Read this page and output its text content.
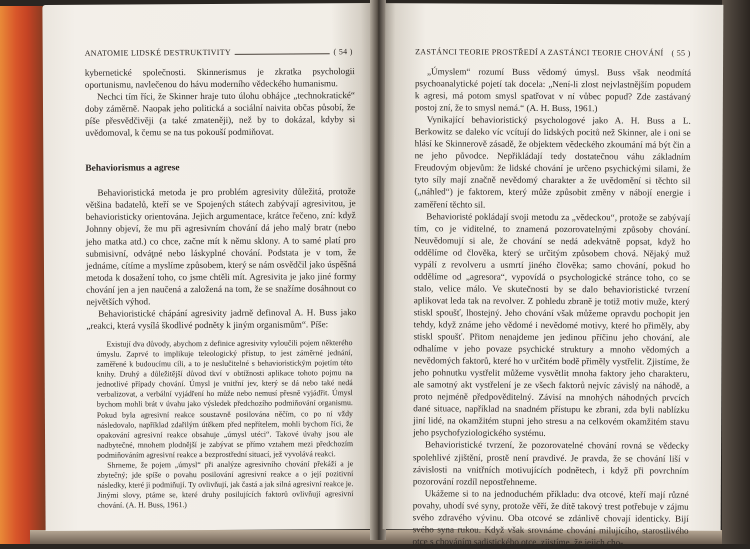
ANATOMIE LIDSKÉ DESTRUKTIVITY	( 54 )

kybernetické společnosti. Skinnerismus je zkratka psychologii oportunismu, navlečenou do hávu moderního vědeckého humanismu.

Nechci tím říci, že Skinner hraje tuto úlohu obhájce „technokratické“ doby záměrně. Naopak jeho politická a sociální naivita občas působí, že píše přesvědčivěji (a také zmateněji), než by to dokázal, kdyby si uvědomoval, k čemu se na tus pokouší podmiňovat.

Behaviorismus a agrese

Behavioristická metoda je pro problém agresivity důležitá, protože většina badatelů, kteří se ve Spojených státech zabývají agresivitou, je behavioristicky orientována. Jejich argumentace, krátce řečeno, zní: když Johnny objeví, že mu při agresivním chování dá jeho malý bratr (nebo jeho matka atd.) co chce, začne mít k němu sklony. A to samé platí pro submisivní, odváţné nebo láskyplné chování. Podstata je v tom, že jednáme, cítíme a myslíme způsobem, který se nám osvědčil jako úspěšná metoda k dosažení toho, co jsme chtěli mít. Agresivita je jako jiné formy chování jen a jen naučená a založená na tom, že se snažíme dosáhnout co největších výhod.

Behavioristické chápání agresivity jadrně definoval A. H. Buss jako „reakci, která vysílá škodlivé podněty k jiným organismům“. Píše:

Existují dva důvody, abychom z definice agresivity vyloučili pojem některého úmyslu. Zaprvé to implikuje teleologický přístup, to jest záměrné jednání, zaměřené k budoucímu cíli, a to je neslučitelné s behavioristickým pojetím této knihy. Druhý a důležitější důvod tkví v obtížnosti aplikace tohoto pojmu na jednotlivé případy chování. Úmysl je vnitřní jev, který se dá nebo také nedá verbalizovat, a verbální vyjádření ho může nebo nemusí přesně vyjádřit. Úmysl bychom mohli brát v úvahu jako výsledek předchozího podmiňování organismu. Pokud byla agresivní reakce soustavně posilována něčím, co po ní vždy následovalo, například zdařilým útěkem před nepřítelem, mohli bychom říci, že opakování agresivní reakce obsahuje „úmysl utéci“. Takové úvahy jsou ale nadbytečné, mnohem plodnější je zabývat se přímo vztahem mezi předchozím podmiňováním agresivní reakce a bezprostřední situací, jež vyvolává reakci.

Shrneme, že pojem „úmysl“ při analýze agresivního chování překáží a je zbytečný; jde spíše o povahu posilování agresivní reakce a o její pozitivní následky, které ji podmiňují. Ty ovlivňují, jak častá a jak silná agresivní reakce je. Jinými slovy, ptáme se, které druhy posilujících faktorů ovlivňují agresivní chování. (A. H. Buss, 1961.)

ZASTÁNCI TEORIE PROSTŘEDÍ A ZASTÁNCI TEORIE CHOVÁNÍ ( 55 )

„Úmyslem“ rozumí Buss vědomý úmysl. Buss však neodmítá psychoanalytické pojetí tak docela: „Není-li zlost nejvlastnějším popudem k agresi, má potom smysl spatřovat v ní vůbec popud? Zde zastávaný postoj zní, že to smysl nemá.“ (A. H. Buss, 1961.)

Vynikající behavioristický psychologové jako A. H. Buss a L. Berkowitz se daleko víc vcítují do lidských pocitů než Skinner, ale i oni se hlásí ke Skinnerově zásadě, že objektem vědeckého zkoumání má být čin a ne jeho původce. Nepřikládají tedy dostatečnou váhu základním Freudovým objevům: že lidské chování je určeno psychickými silami, že tyto síly mají značně nevědomý charakter a že uvědomění si těchto sil („náhled“) je faktorem, který může způsobit změny v nábojí energie i zaměření těchto sil.

Behavioristé pokládají svoji metodu za „vědeckou“, protože se zabývají tím, co je viditelné, to znamená pozorovatelnými způsoby chování. Neuvědomují si ale, že chování se nedá adekvátně popsat, když ho oddělíme od člověka, který se určitým způsobem chová. Nějaký muž vypálí z revolveru a usmrtí jiného člověka; samo chování, pokud ho oddělíme od „agresora“, vypovídá o psychologické stránce toho, co se stalo, velice málo. Ve skutečnosti by se dalo behavioristické tvrzení aplikovat leda tak na revolver. Z pohledu zbraně je totiž motiv muže, který stiskl spoušť, lhostejný. Jeho chování však můžeme opravdu pochopit jen tehdy, když známe jeho vědomé i nevědomé motivy, které ho přiměly, aby stiskl spoušť. Přitom nenajdeme jen jedinou příčinu jeho chování, ale odhalíme v jeho povaze psychické struktury a mnoho vědomých a nevědomých faktorů, které ho v určitém bodě přiměly vystřelit. Zjistíme, že jeho pohnutku vystřelit můžeme vysvětlit mnoha faktory jeho charakteru, ale samotný akt vystřelení je ze všech faktorů nejvíc závislý na náhodě, a proto nejméně předpověditelný. Závisí na mnohých náhodných prvcích dané situace, například na snadném přístupu ke zbrani, zda byli nablízku jiní lidé, na okamžitém stupni jeho stresu a na celkovém okamžitém stavu jeho psychofyziologického systému.

Behavioristické tvrzení, že pozorovatelné chování rovná se vědecky spolehlivé zjištění, prostě není pravdivé. Je pravda, že se chování liší v závislosti na vnitřních motivujících podnětech, i když při povrchním pozorování rozdíl nepostřehneme.

Ukážeme si to na jednoduchém příkladu: dva otcové, kteří mají různé povahy, uhodí své syny, protože věří, že dítě takový trest potřebuje v zájmu svého zdravého vývinu. Oba otcové se zdánlivě chovají identicky. Bijí svého syna rukou. Když však srovnáme chování milujícího, starostlivého otce s chováním sadistického otce, zjistíme, že jejich cho-
